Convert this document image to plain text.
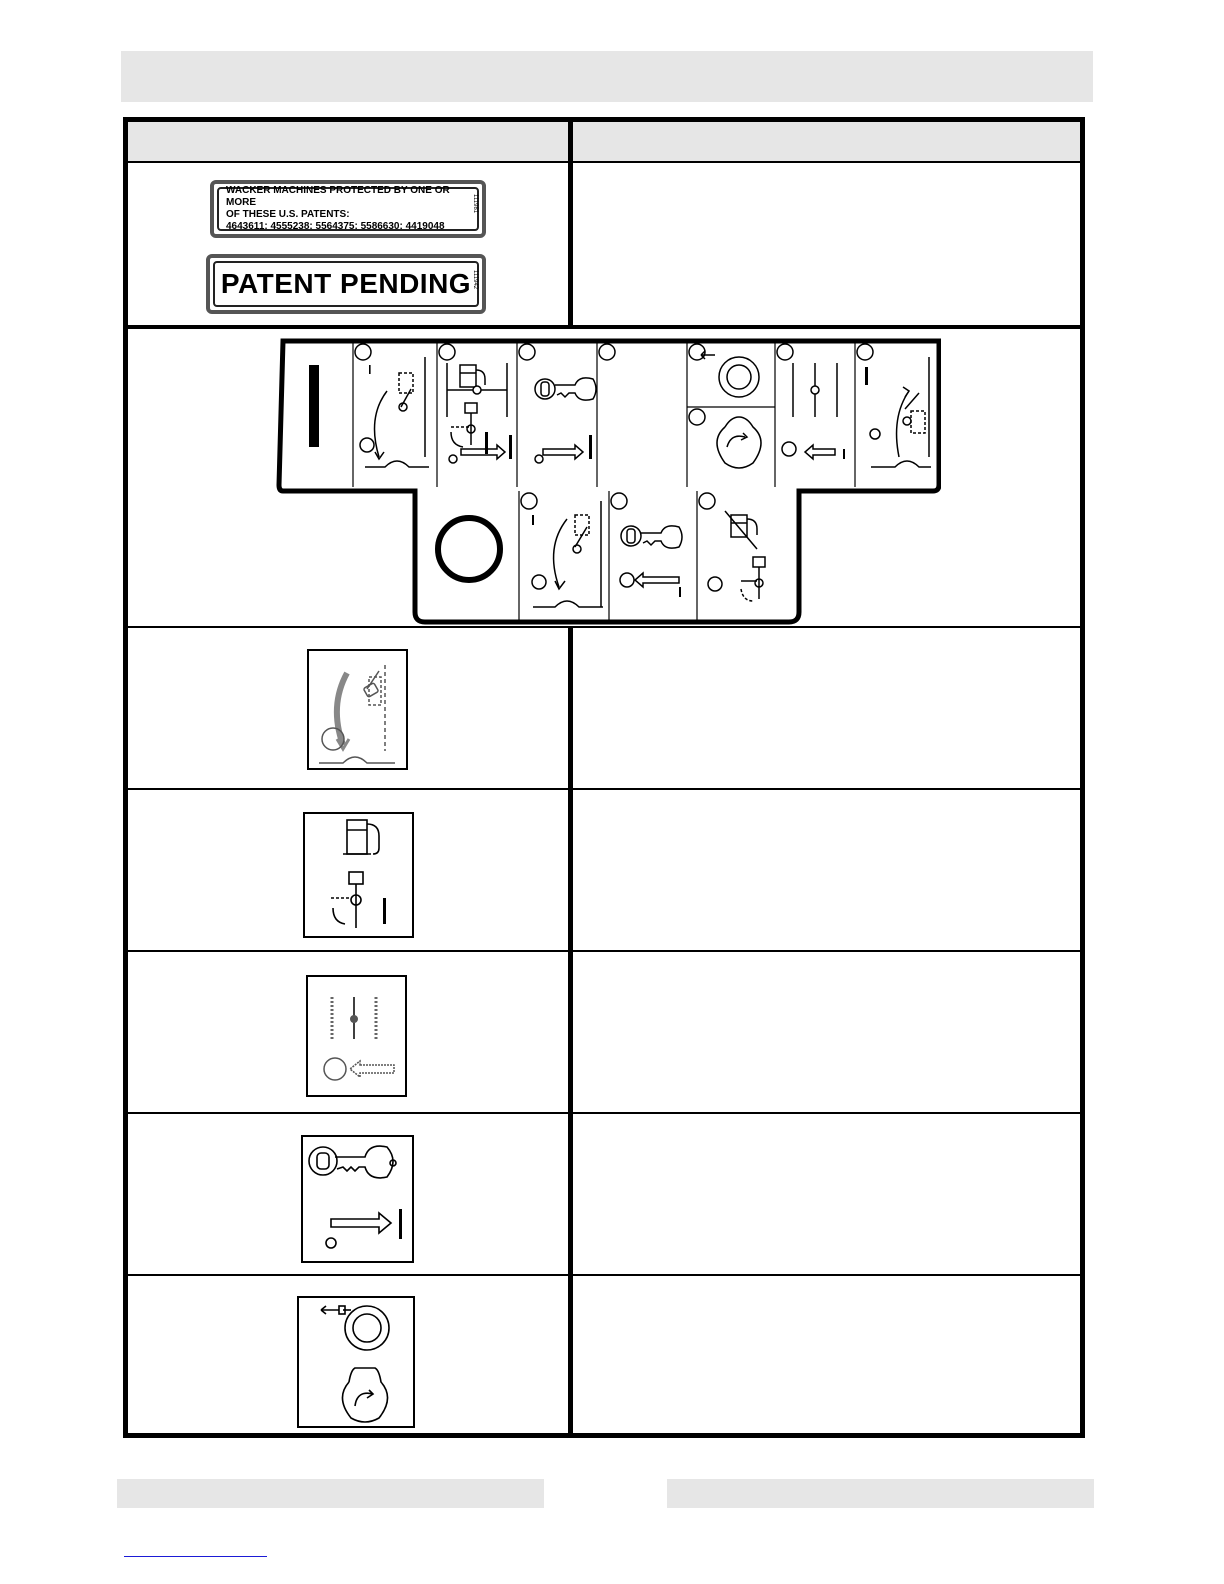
WACKER MACHINES PROTECTED BY ONE OR MORE
OF THESE U.S. PATENTS:
4643611: 4555238: 5564375: 5586630: 4419048
111981
PATENT PENDING 111942
